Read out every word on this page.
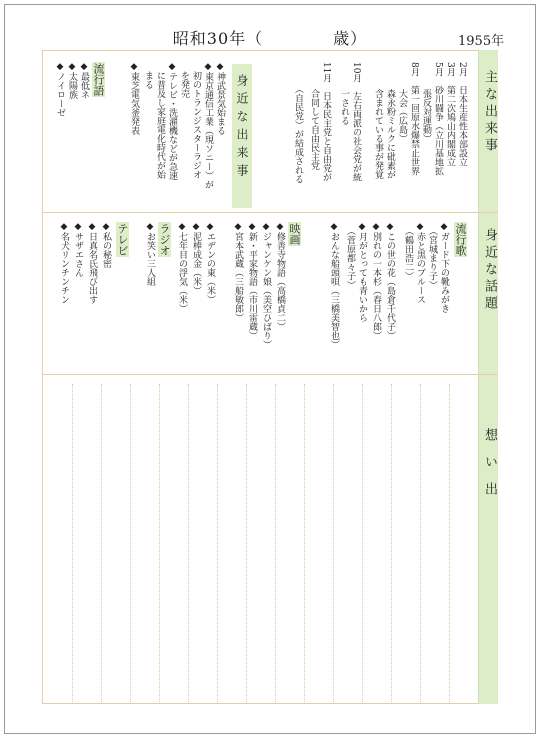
昭和30年（	歳）	1955年
主な出来事
身近な話題
想い出
2月　日本生産性本部設立
3月　第二次鳩山内閣成立
5月　砂川闘争（立川基地拡
　　　張反対運動）
8月　第一回原水爆禁止世界
　　　大会（広島）
　　　森永粉ミルクに砒素が
　　　含まれている事が発覚
10月　左右両派の社会党が統
　　　一される
11月　日本民主党と自由党が
　　　合同して自由民主党
　　　（自民党）が結成される
身近な出来事
◆神武景気始まる
◆東京通信工業（現ソニー）が
　初のトランジスターラジオ
　を発売
◆テレビ・洗濯機などが急速
　に普及し家庭電化時代が始
　まる
◆東芝電気釜発表
流行語
◆最低ネ
◆太陽族
◆ノイローゼ
流行歌
◆ガード下の靴みがき
　（宮城まり子）
◆赤と黒のブルース
　（鶴田浩二）
◆この世の花（島倉千代子）
◆別れの一本杉（春日八郎）
◆月がとっても青いから
　（菅原都々子）
◆おんな船頭唄（三橋美智也）
映画
◆修善寺物語（高橋貞二）
◆ジャンケン娘（美空ひばり）
◆新・平家物語（市川雷蔵）
◆宮本武蔵（三船敏郎）
◆エデンの東（米）
◆泥棒成金（米）
◆七年目の浮気（米）
ラジオ
◆お笑い三人組
テレビ
◆私の秘密
◆日真名氏飛び出す
◆サザエさん
◆名犬リンチンチン
